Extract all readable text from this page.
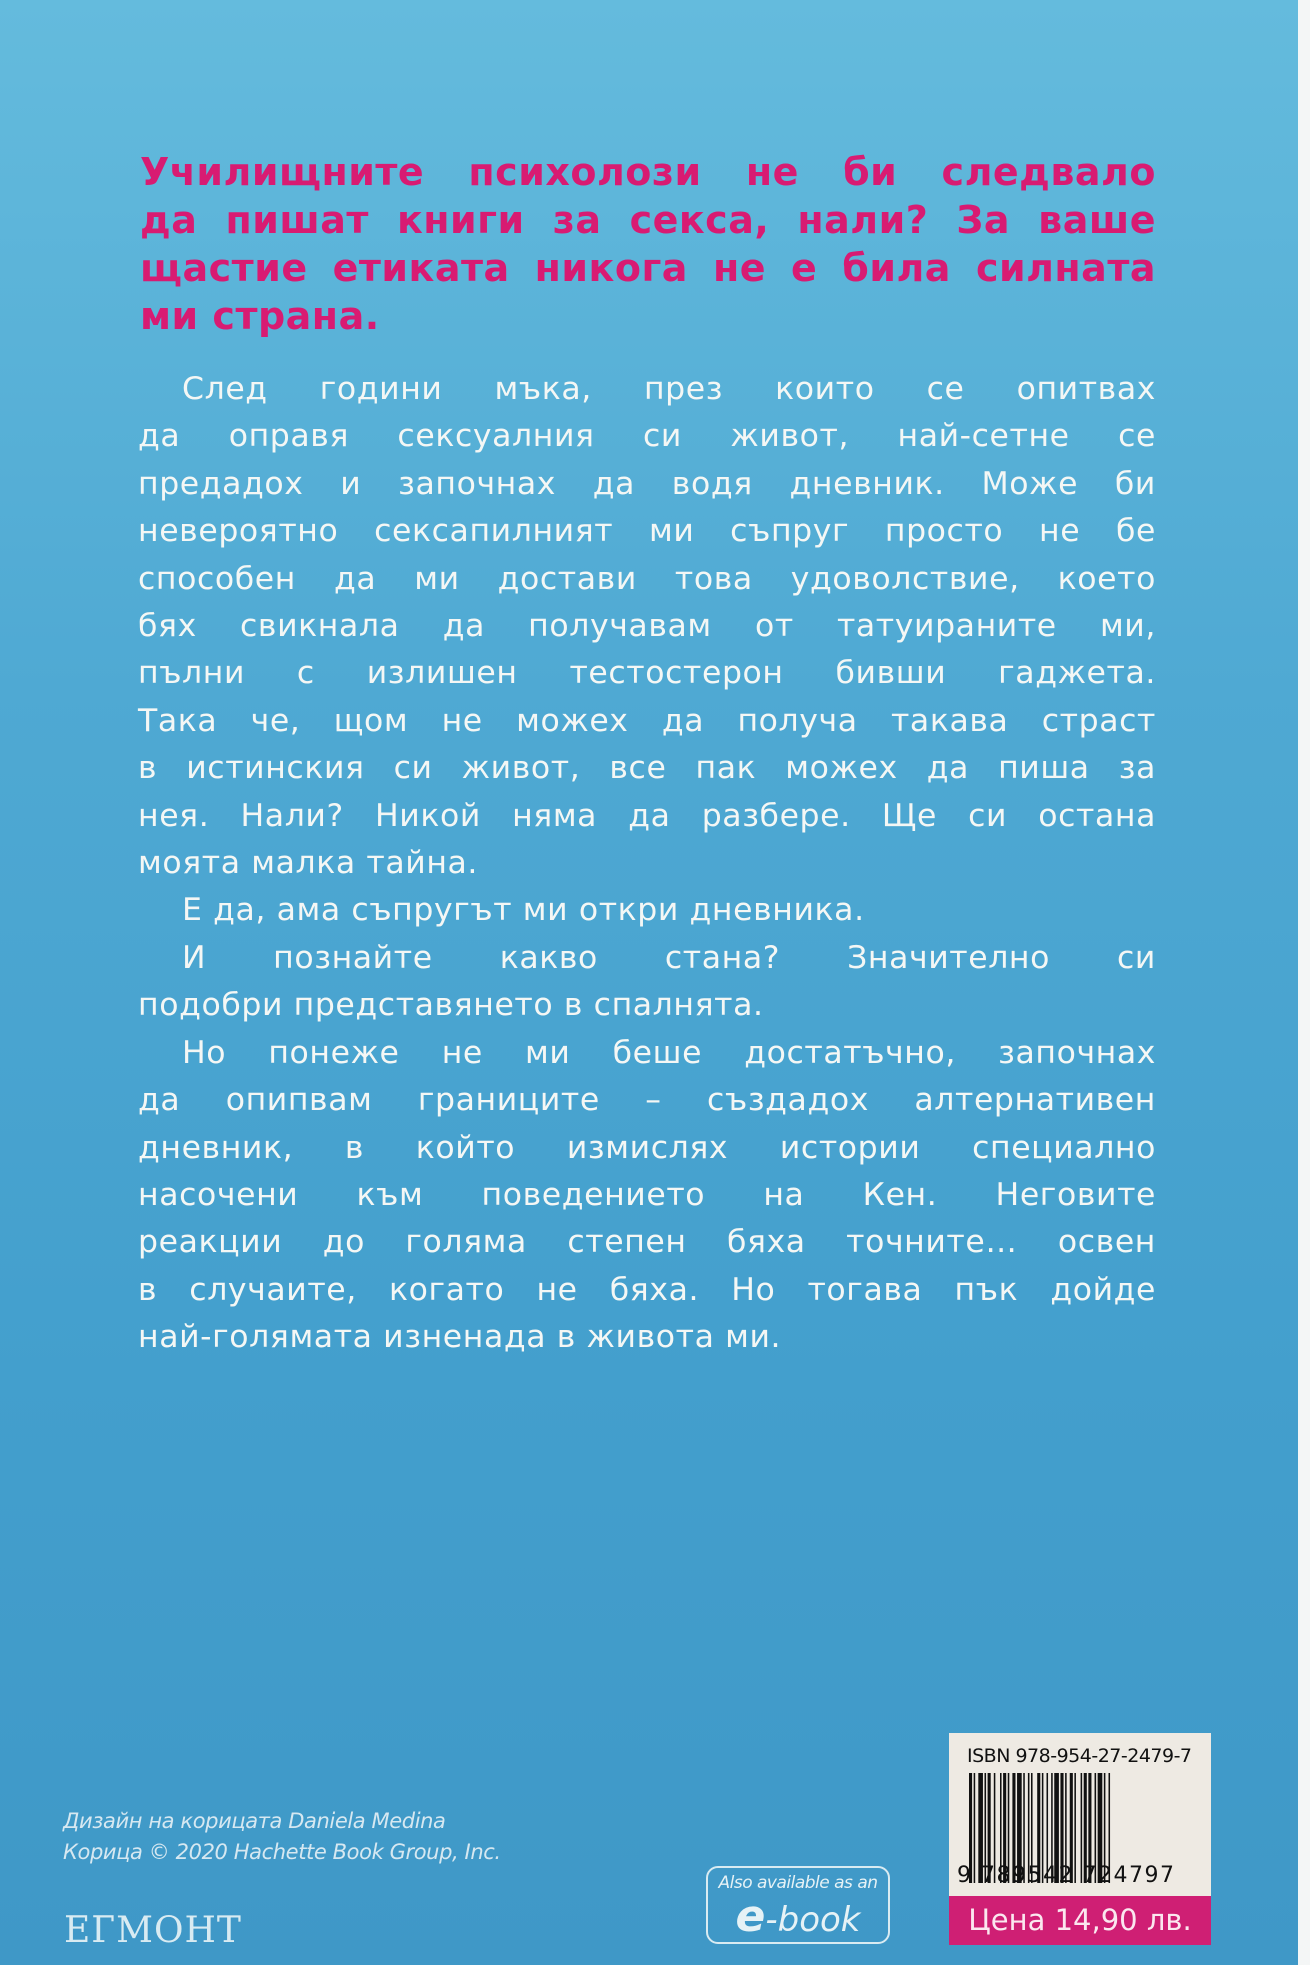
Училищните психолози не би следвало
да пишат книги за секса, нали? За ваше
щастие етиката никога не е била силната
ми страна.
След години мъка, през които се опитвах
да оправя сексуалния си живот, най-сетне се
предадох и започнах да водя дневник. Може би
невероятно сексапилният ми съпруг просто не бе
способен да ми достави това удоволствие, което
бях свикнала да получавам от татуираните ми,
пълни с излишен тестостерон бивши гаджета.
Така че, щом не можех да получа такава страст
в истинския си живот, все пак можех да пиша за
нея. Нали? Никой няма да разбере. Ще си остана
моята малка тайна.
Е да, ама съпругът ми откри дневника.
И познайте какво стана? Значително си
подобри представянето в спалнята.
Но понеже не ми беше достатъчно, започнах
да опипвам границите – създадох алтернативен
дневник, в който измислях истории специално
насочени към поведението на Кен. Неговите
реакции до голяма степен бяха точните… освен
в случаите, когато не бяха. Но тогава пък дойде
най-голямата изненада в живота ми.
Дизайн на корицата Daniela Medina
Корица © 2020 Hachette Book Group, Inc.
ЕГМОНТ
Also available as an
e-book
ISBN 978-954-27-2479-7
9 789542 724797
Цена 14,90 лв.
